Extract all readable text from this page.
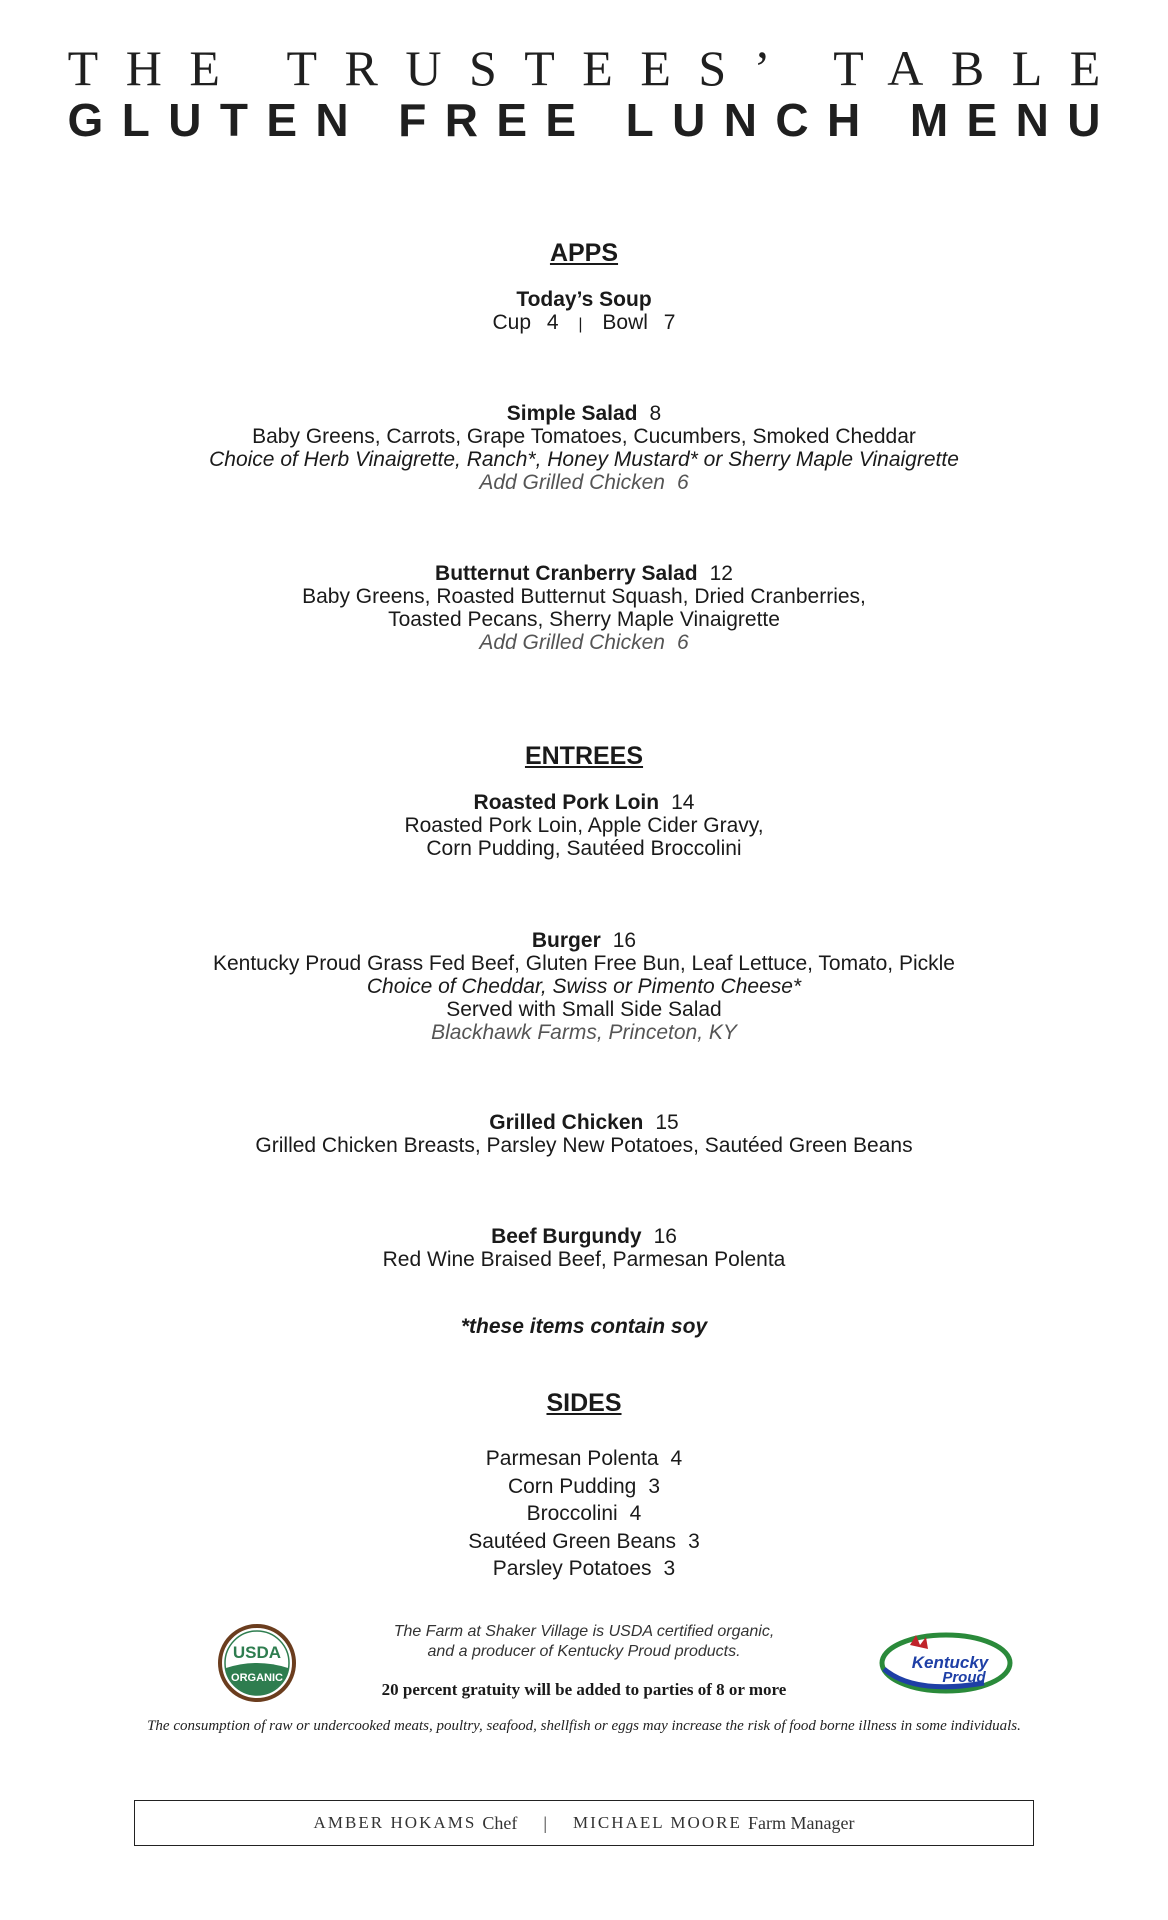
THE TRUSTEES’ TABLE
GLUTEN FREE LUNCH MENU
APPS
Today’s Soup
Cup 4 | Bowl 7
Simple Salad 8
Baby Greens, Carrots, Grape Tomatoes, Cucumbers, Smoked Cheddar
Choice of Herb Vinaigrette, Ranch*, Honey Mustard* or Sherry Maple Vinaigrette
Add Grilled Chicken 6
Butternut Cranberry Salad 12
Baby Greens, Roasted Butternut Squash, Dried Cranberries,
Toasted Pecans, Sherry Maple Vinaigrette
Add Grilled Chicken 6
ENTREES
Roasted Pork Loin 14
Roasted Pork Loin, Apple Cider Gravy,
Corn Pudding, Sautéed Broccolini
Burger 16
Kentucky Proud Grass Fed Beef, Gluten Free Bun, Leaf Lettuce, Tomato, Pickle
Choice of Cheddar, Swiss or Pimento Cheese*
Served with Small Side Salad
Blackhawk Farms, Princeton, KY
Grilled Chicken 15
Grilled Chicken Breasts, Parsley New Potatoes, Sautéed Green Beans
Beef Burgundy 16
Red Wine Braised Beef, Parmesan Polenta
*these items contain soy
SIDES
Parmesan Polenta 4
Corn Pudding 3
Broccolini 4
Sautéed Green Beans 3
Parsley Potatoes 3
USDA
ORGANIC
The Farm at Shaker Village is USDA certified organic,
and a producer of Kentucky Proud products.
Kentucky
Proud
20 percent gratuity will be added to parties of 8 or more
The consumption of raw or undercooked meats, poultry, seafood, shellfish or eggs may increase the risk of food borne illness in some individuals.
AMBER HOKAMS Chef | MICHAEL MOORE Farm Manager
